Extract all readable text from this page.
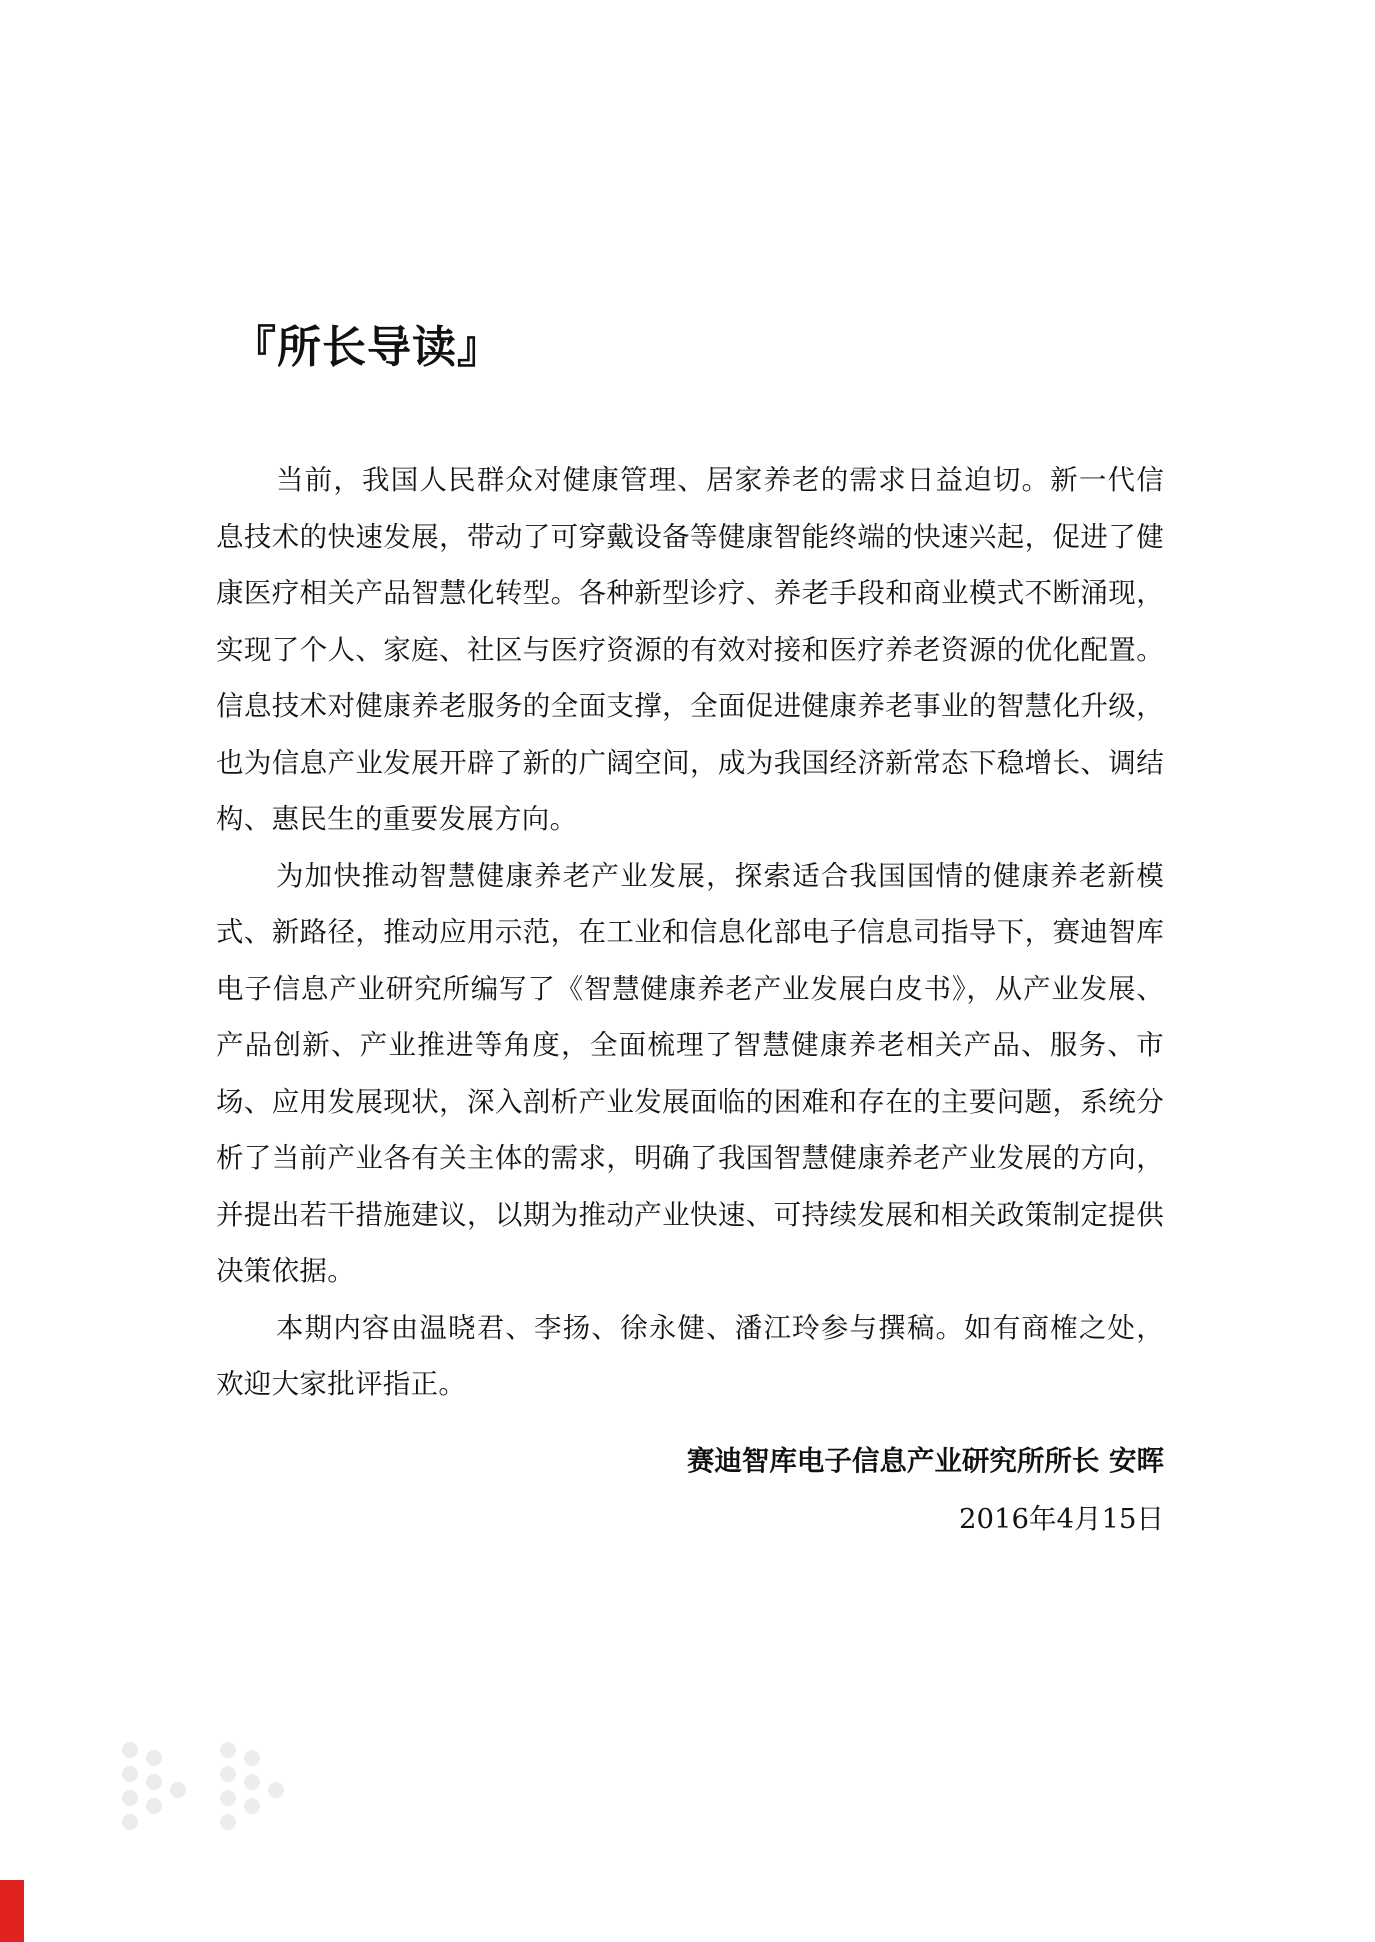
『所长导读』

当前，我国人民群众对健康管理、居家养老的需求日益迫切。新一代信息技术的快速发展，带动了可穿戴设备等健康智能终端的快速兴起，促进了健康医疗相关产品智慧化转型。各种新型诊疗、养老手段和商业模式不断涌现，实现了个人、家庭、社区与医疗资源的有效对接和医疗养老资源的优化配置。信息技术对健康养老服务的全面支撑，全面促进健康养老事业的智慧化升级，也为信息产业发展开辟了新的广阔空间，成为我国经济新常态下稳增长、调结构、惠民生的重要发展方向。

为加快推动智慧健康养老产业发展，探索适合我国国情的健康养老新模式、新路径，推动应用示范，在工业和信息化部电子信息司指导下，赛迪智库电子信息产业研究所编写了《智慧健康养老产业发展白皮书》，从产业发展、产品创新、产业推进等角度，全面梳理了智慧健康养老相关产品、服务、市场、应用发展现状，深入剖析产业发展面临的困难和存在的主要问题，系统分析了当前产业各有关主体的需求，明确了我国智慧健康养老产业发展的方向，并提出若干措施建议，以期为推动产业快速、可持续发展和相关政策制定提供决策依据。

本期内容由温晓君、李扬、徐永健、潘江玲参与撰稿。如有商榷之处，欢迎大家批评指正。

赛迪智库电子信息产业研究所所长 安晖
2016年4月15日
